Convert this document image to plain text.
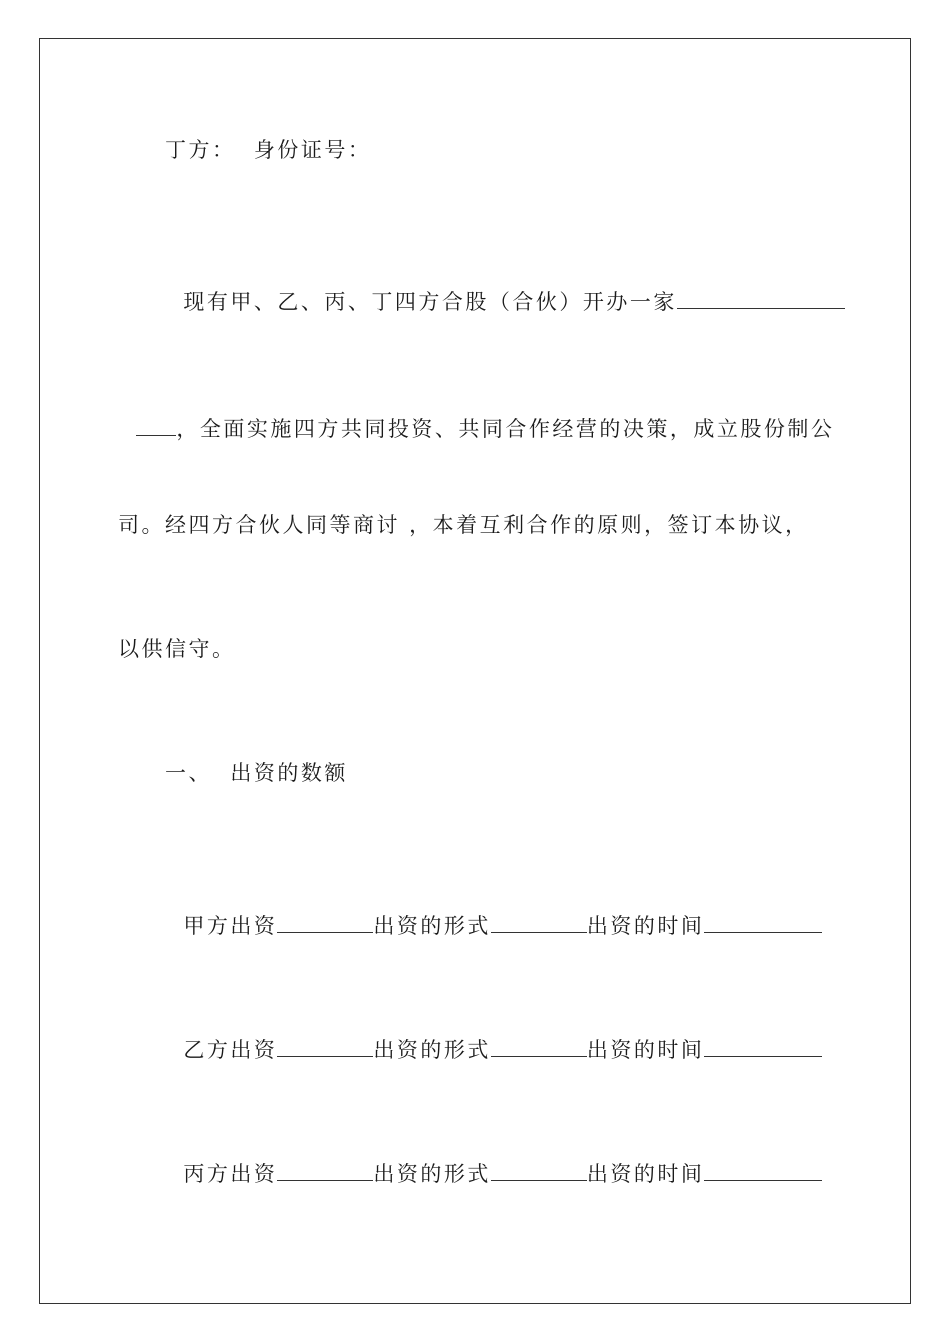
丁方：  身份证号：

现有甲、乙、丙、丁四方合股（合伙）开办一家

，全面实施四方共同投资、共同合作经营的决策，成立股份制公

司。经四方合伙人同等商讨 ，本着互利合作的原则，签订本协议，
以供信守。
一、  出资的数额

甲方出资	出资的形式	出资的时间

乙方出资	出资的形式	出资的时间

丙方出资	出资的形式	出资的时间
